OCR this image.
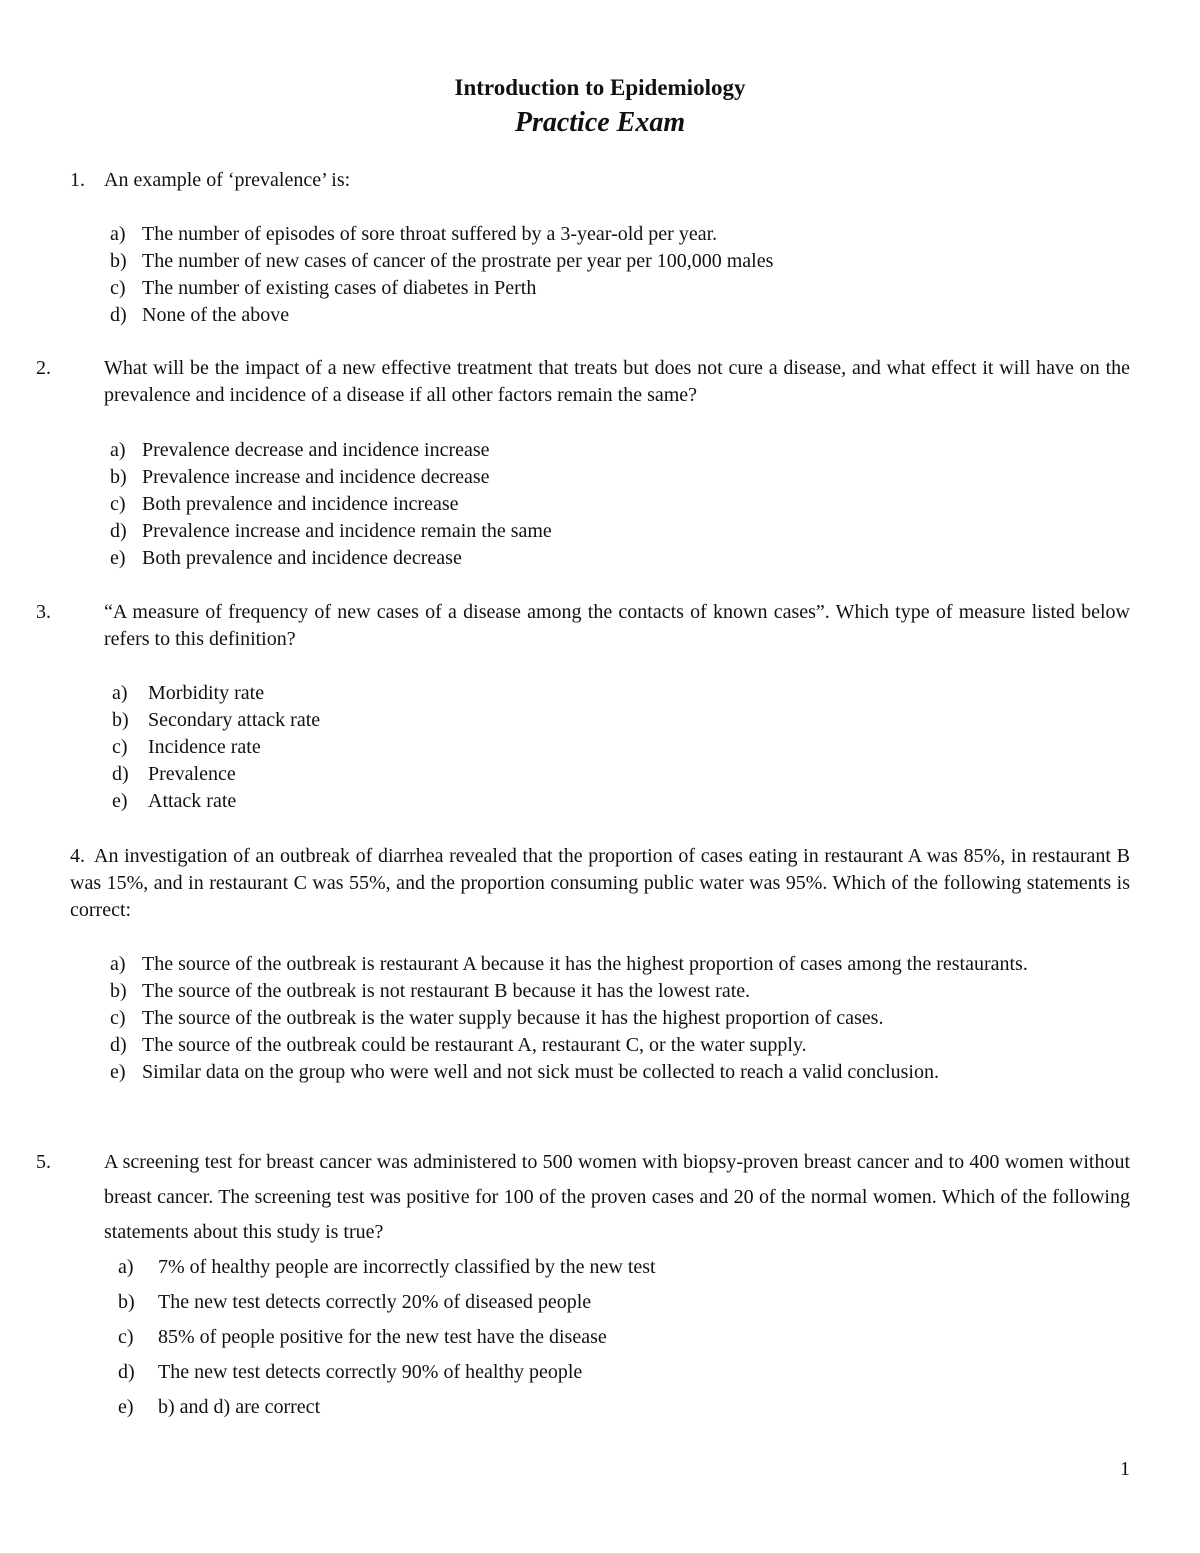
Introduction to Epidemiology
Practice Exam
1. An example of ‘prevalence’ is:
a) The number of episodes of sore throat suffered by a 3-year-old per year.
b) The number of new cases of cancer of the prostrate per year per 100,000 males
c) The number of existing cases of diabetes in Perth
d) None of the above
2.	What will be the impact of a new effective treatment that treats but does not cure a disease, and what effect it will have on the prevalence and incidence of a disease if all other factors remain the same?
a) Prevalence decrease and incidence increase
b) Prevalence increase and incidence decrease
c) Both prevalence and incidence increase
d) Prevalence increase and incidence remain the same
e) Both prevalence and incidence decrease
3.	“A measure of frequency of new cases of a disease among the contacts of known cases”. Which type of measure listed below refers to this definition?
a) Morbidity rate
b) Secondary attack rate
c) Incidence rate
d) Prevalence
e) Attack rate
4. An investigation of an outbreak of diarrhea revealed that the proportion of cases eating in restaurant A was 85%, in restaurant B was 15%, and in restaurant C was 55%, and the proportion consuming public water was 95%. Which of the following statements is correct:
a) The source of the outbreak is restaurant A because it has the highest proportion of cases among the restaurants.
b) The source of the outbreak is not restaurant B because it has the lowest rate.
c) The source of the outbreak is the water supply because it has the highest proportion of cases.
d) The source of the outbreak could be restaurant A, restaurant C, or the water supply.
e) Similar data on the group who were well and not sick must be collected to reach a valid conclusion.
5.	A screening test for breast cancer was administered to 500 women with biopsy-proven breast cancer and to 400 women without breast cancer. The screening test was positive for 100 of the proven cases and 20 of the normal women. Which of the following statements about this study is true?
a) 7% of healthy people are incorrectly classified by the new test
b) The new test detects correctly 20% of diseased people
c) 85% of people positive for the new test have the disease
d) The new test detects correctly 90% of healthy people
e) b) and d) are correct
1
